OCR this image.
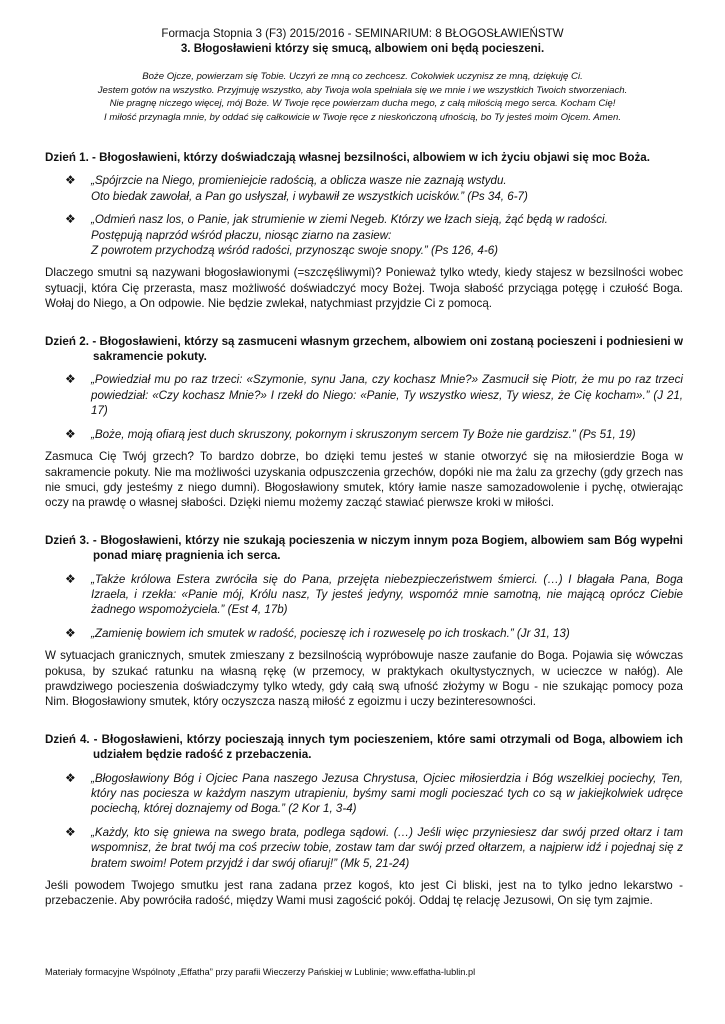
Formacja Stopnia 3 (F3) 2015/2016 - SEMINARIUM: 8 BŁOGOSŁAWIEŃSTW
3. Błogosławieni którzy się smucą, albowiem oni będą pocieszeni.
Boże Ojcze, powierzam się Tobie. Uczyń ze mną co zechcesz. Cokolwiek uczynisz ze mną, dziękuję Ci.
Jestem gotów na wszystko. Przyjmuję wszystko, aby Twoja wola spełniała się we mnie i we wszystkich Twoich stworzeniach.
Nie pragnę niczego więcej, mój Boże. W Twoje ręce powierzam ducha mego, z całą miłością mego serca. Kocham Cię!
I miłość przynagla mnie, by oddać się całkowicie w Twoje ręce z nieskończoną ufnością, bo Ty jesteś moim Ojcem. Amen.
Dzień 1. - Błogosławieni, którzy doświadczają własnej bezsilności, albowiem w ich życiu objawi się moc Boża.
❖	„Spójrzcie na Niego, promieniejcie radością, a oblicza wasze nie zaznają wstydu.
Oto biedak zawołał, a Pan go usłyszał, i wybawił ze wszystkich ucisków.” (Ps 34, 6-7)
❖	„Odmień nasz los, o Panie, jak strumienie w ziemi Negeb. Którzy we łzach sieją, żąć będą w radości.
Postępują naprzód wśród płaczu, niosąc ziarno na zasiew:
Z powrotem przychodzą wśród radości, przynosząc swoje snopy.” (Ps 126, 4-6)
Dlaczego smutni są nazywani błogosławionymi (=szczęśliwymi)? Ponieważ tylko wtedy, kiedy stajesz w bezsilności wobec sytuacji, która Cię przerasta, masz możliwość doświadczyć mocy Bożej. Twoja słabość przyciąga potęgę i czułość Boga. Wołaj do Niego, a On odpowie. Nie będzie zwlekał, natychmiast przyjdzie Ci z pomocą.
Dzień 2. - Błogosławieni, którzy są zasmuceni własnym grzechem, albowiem oni zostaną pocieszeni i podniesieni w sakramencie pokuty.
❖	„Powiedział mu po raz trzeci: «Szymonie, synu Jana, czy kochasz Mnie?» Zasmucił się Piotr, że mu po raz trzeci powiedział: «Czy kochasz Mnie?» I rzekł do Niego: «Panie, Ty wszystko wiesz, Ty wiesz, że Cię kocham».” (J 21, 17)
❖	„Boże, moją ofiarą jest duch skruszony, pokornym i skruszonym sercem Ty Boże nie gardzisz.” (Ps 51, 19)
Zasmuca Cię Twój grzech? To bardzo dobrze, bo dzięki temu jesteś w stanie otworzyć się na miłosierdzie Boga w sakramencie pokuty. Nie ma możliwości uzyskania odpuszczenia grzechów, dopóki nie ma żalu za grzechy (gdy grzech nas nie smuci, gdy jesteśmy z niego dumni). Błogosławiony smutek, który łamie nasze samozadowolenie i pychę, otwierając oczy na prawdę o własnej słabości. Dzięki niemu możemy zacząć stawiać pierwsze kroki w miłości.
Dzień 3. - Błogosławieni, którzy nie szukają pocieszenia w niczym innym poza Bogiem, albowiem sam Bóg wypełni ponad miarę pragnienia ich serca.
❖	„Także królowa Estera zwróciła się do Pana, przejęta niebezpieczeństwem śmierci. (…) I błagała Pana, Boga Izraela, i rzekła: «Panie mój, Królu nasz, Ty jesteś jedyny, wspomóż mnie samotną, nie mającą oprócz Ciebie żadnego wspomożyciela.” (Est 4, 17b)
❖	„Zamienię bowiem ich smutek w radość, pocieszę ich i rozweselę po ich troskach.” (Jr 31, 13)
W sytuacjach granicznych, smutek zmieszany z bezsilnością wypróbowuje nasze zaufanie do Boga. Pojawia się wówczas pokusa, by szukać ratunku na własną rękę (w przemocy, w praktykach okultystycznych, w ucieczce w nałóg). Ale prawdziwego pocieszenia doświadczymy tylko wtedy, gdy całą swą ufność złożymy w Bogu - nie szukając pomocy poza Nim. Błogosławiony smutek, który oczyszcza naszą miłość z egoizmu i uczy bezinteresowności.
Dzień 4. - Błogosławieni, którzy pocieszają innych tym pocieszeniem, które sami otrzymali od Boga, albowiem ich udziałem będzie radość z przebaczenia.
❖	„Błogosławiony Bóg i Ojciec Pana naszego Jezusa Chrystusa, Ojciec miłosierdzia i Bóg wszelkiej pociechy, Ten, który nas pociesza w każdym naszym utrapieniu, byśmy sami mogli pocieszać tych co są w jakiejkolwiek udręce pociechą, której doznajemy od Boga.” (2 Kor 1, 3-4)
❖	„Każdy, kto się gniewa na swego brata, podlega sądowi. (…) Jeśli więc przyniesiesz dar swój przed ołtarz i tam wspomnisz, że brat twój ma coś przeciw tobie, zostaw tam dar swój przed ołtarzem, a najpierw idź i pojednaj się z bratem swoim! Potem przyjdź i dar swój ofiaruj!” (Mk 5, 21-24)
Jeśli powodem Twojego smutku jest rana zadana przez kogoś, kto jest Ci bliski, jest na to tylko jedno lekarstwo - przebaczenie. Aby powróciła radość, między Wami musi zagościć pokój. Oddaj tę relację Jezusowi, On się tym zajmie.
Materiały formacyjne Wspólnoty „Effatha” przy parafii Wieczerzy Pańskiej w Lublinie; www.effatha-lublin.pl
